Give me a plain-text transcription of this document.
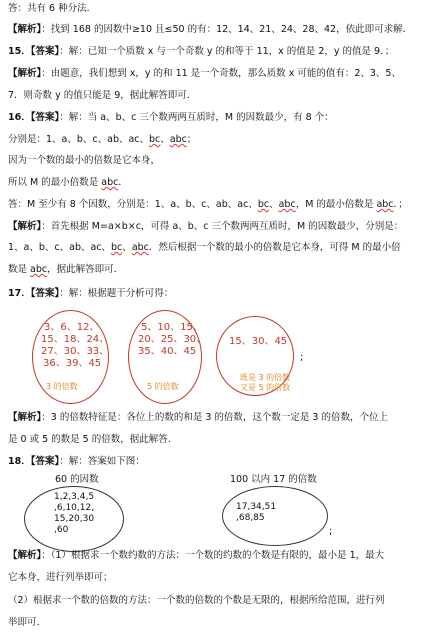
答：共有 6 种分法．
【解析】：找到 168 的因数中≥10 且≤50 的有：12、14、21、24、28、42，依此即可求解．
15．【答案】：解：已知一个质数 x 与一个奇数 y 的和等于 11，x 的值是 2，y 的值是 9．；
【解析】：由题意，我们想到 x，y 的和 11 是一个奇数，那么质数 x 可能的值有：2、3、5、
7．则奇数 y 的值只能是 9，据此解答即可．
16．【答案】：解：当 a、b、c 三个数两两互质时，M 的因数最少，有 8 个：
分别是：1、a、b、c、ab、ac、bc、abc；
因为一个数的最小的倍数是它本身，
所以 M 的最小倍数是 abc．
答：M 至少有 8 个因数，分别是：1、a、b、c、ab、ac、bc、abc，M 的最小倍数是 abc．；
【解析】：首先根据 M=a×b×c，可得 a、b、c 三个数两两互质时，M 的因数最少，分别是：
1、a、b、c、ab、ac、bc、abc．然后根据一个数的最小的倍数是它本身，可得 M 的最小倍
数是 abc，据此解答即可．
17．【答案】：解：根据题干分析可得：
3、6、12、
15、18、24、
27、30、33、
36、39、45
3 的倍数
5、10、15、
20、25、30、
35、40、45
5 的倍数
15、30、45
既是 3 的倍数
又是 5 的倍数
;
【解析】：3 的倍数特征是：各位上的数的和是 3 的倍数，这个数一定是 3 的倍数，个位上
是 0 或 5 的数是 5 的倍数，据此解答．
18．【答案】：解：答案如下图：
60 的因数
1,2,3,4,5
,6,10,12,
15,20,30
,60
100 以内 17 的倍数
17,34,51
,68,85
;
【解析】：（1）根据求一个数约数的方法：一个数的约数的个数是有限的，最小是 1，最大
它本身，进行列举即可；
（2）根据求一个数的倍数的方法：一个数的倍数的个数是无限的，根据所给范围，进行列
举即可．
